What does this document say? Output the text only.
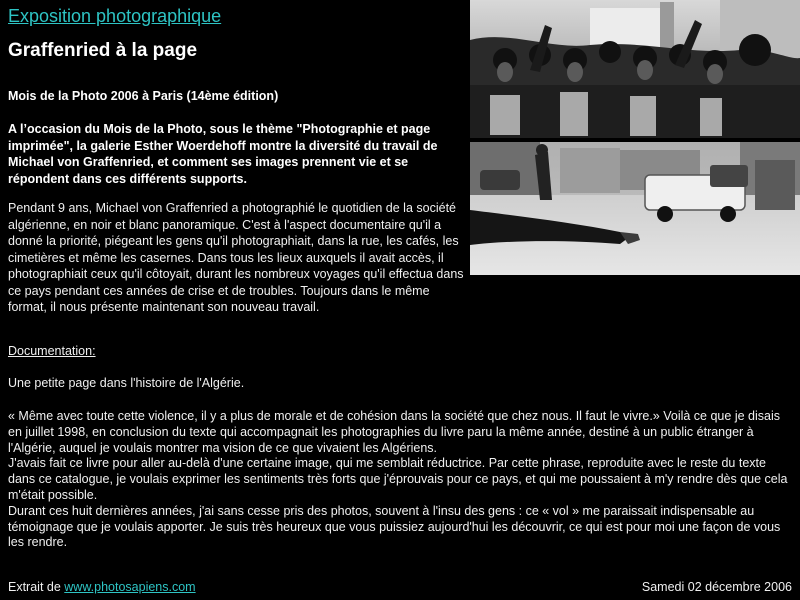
Exposition photographique
Graffenried à la page
Mois de la Photo 2006 à Paris (14ème édition)
A l’occasion du Mois de la Photo, sous le thème "Photographie et page imprimée", la galerie Esther Woerdehoff montre la diversité du travail de Michael von Graffenried, et comment ses images prennent vie et se répondent dans ces différents supports.
Pendant 9 ans, Michael von Graffenried a photographié le quotidien de la société algérienne, en noir et blanc panoramique. C'est à l'aspect documentaire qu'il a donné la priorité, piégeant les gens qu'il photographiait, dans la rue, les cafés, les cimetières et même les casernes. Dans tous les lieux auxquels il avait accès, il photographiait ceux qu'il côtoyait, durant les nombreux voyages qu'il effectua dans ce pays pendant ces années de crise et de troubles. Toujours dans le même format, il nous présente maintenant son nouveau travail.
Documentation:
Une petite page dans l'histoire de l'Algérie.

« Même avec toute cette violence, il y a plus de morale et de cohésion dans la société que chez nous. Il faut le vivre.» Voilà ce que je disais en juillet 1998, en conclusion du texte qui accompagnait les photographies du livre paru la même année, destiné à un public étranger à l'Algérie, auquel je voulais montrer ma vision de ce que vivaient les Algériens.

J'avais fait ce livre pour aller au-delà d'une certaine image, qui me semblait réductrice. Par cette phrase, reproduite avec le reste du texte dans ce catalogue, je voulais exprimer les sentiments très forts que j'éprouvais pour ce pays, et qui me poussaient à m'y rendre dès que cela m'était possible.

Durant ces huit dernières années, j'ai sans cesse pris des photos, souvent à l'insu des gens : ce « vol » me paraissait indispensable au témoignage que je voulais apporter. Je suis très heureux que vous puissiez aujourd'hui les découvrir, ce qui est pour moi une façon de vous les rendre.

Extrait de www.photosapiens.com	Samedi 02 décembre 2006
